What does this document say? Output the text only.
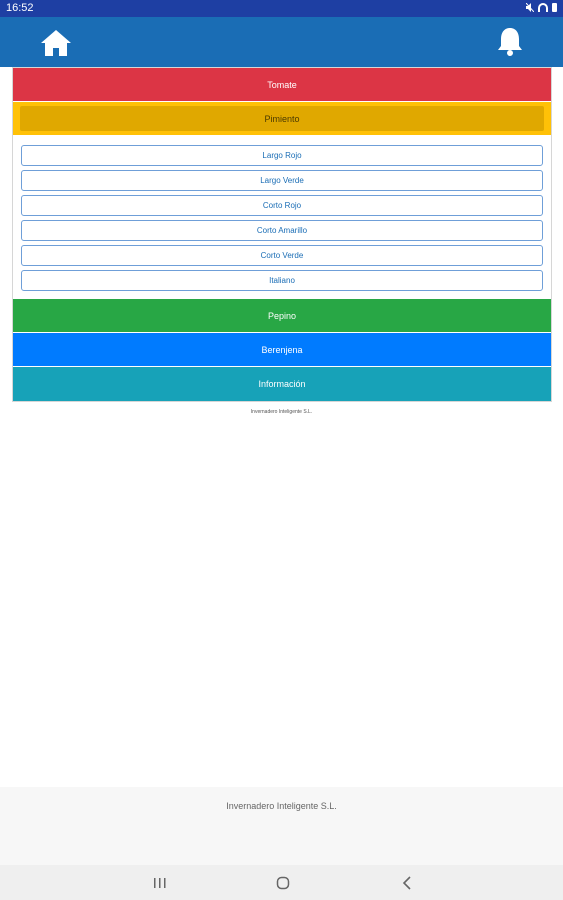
16:52
Tomate
Pimiento
Largo Rojo
Largo Verde
Corto Rojo
Corto Amarillo
Corto Verde
Italiano
Pepino
Berenjena
Información
Invernadero Inteligente S.L.
Invernadero Inteligente S.L.
